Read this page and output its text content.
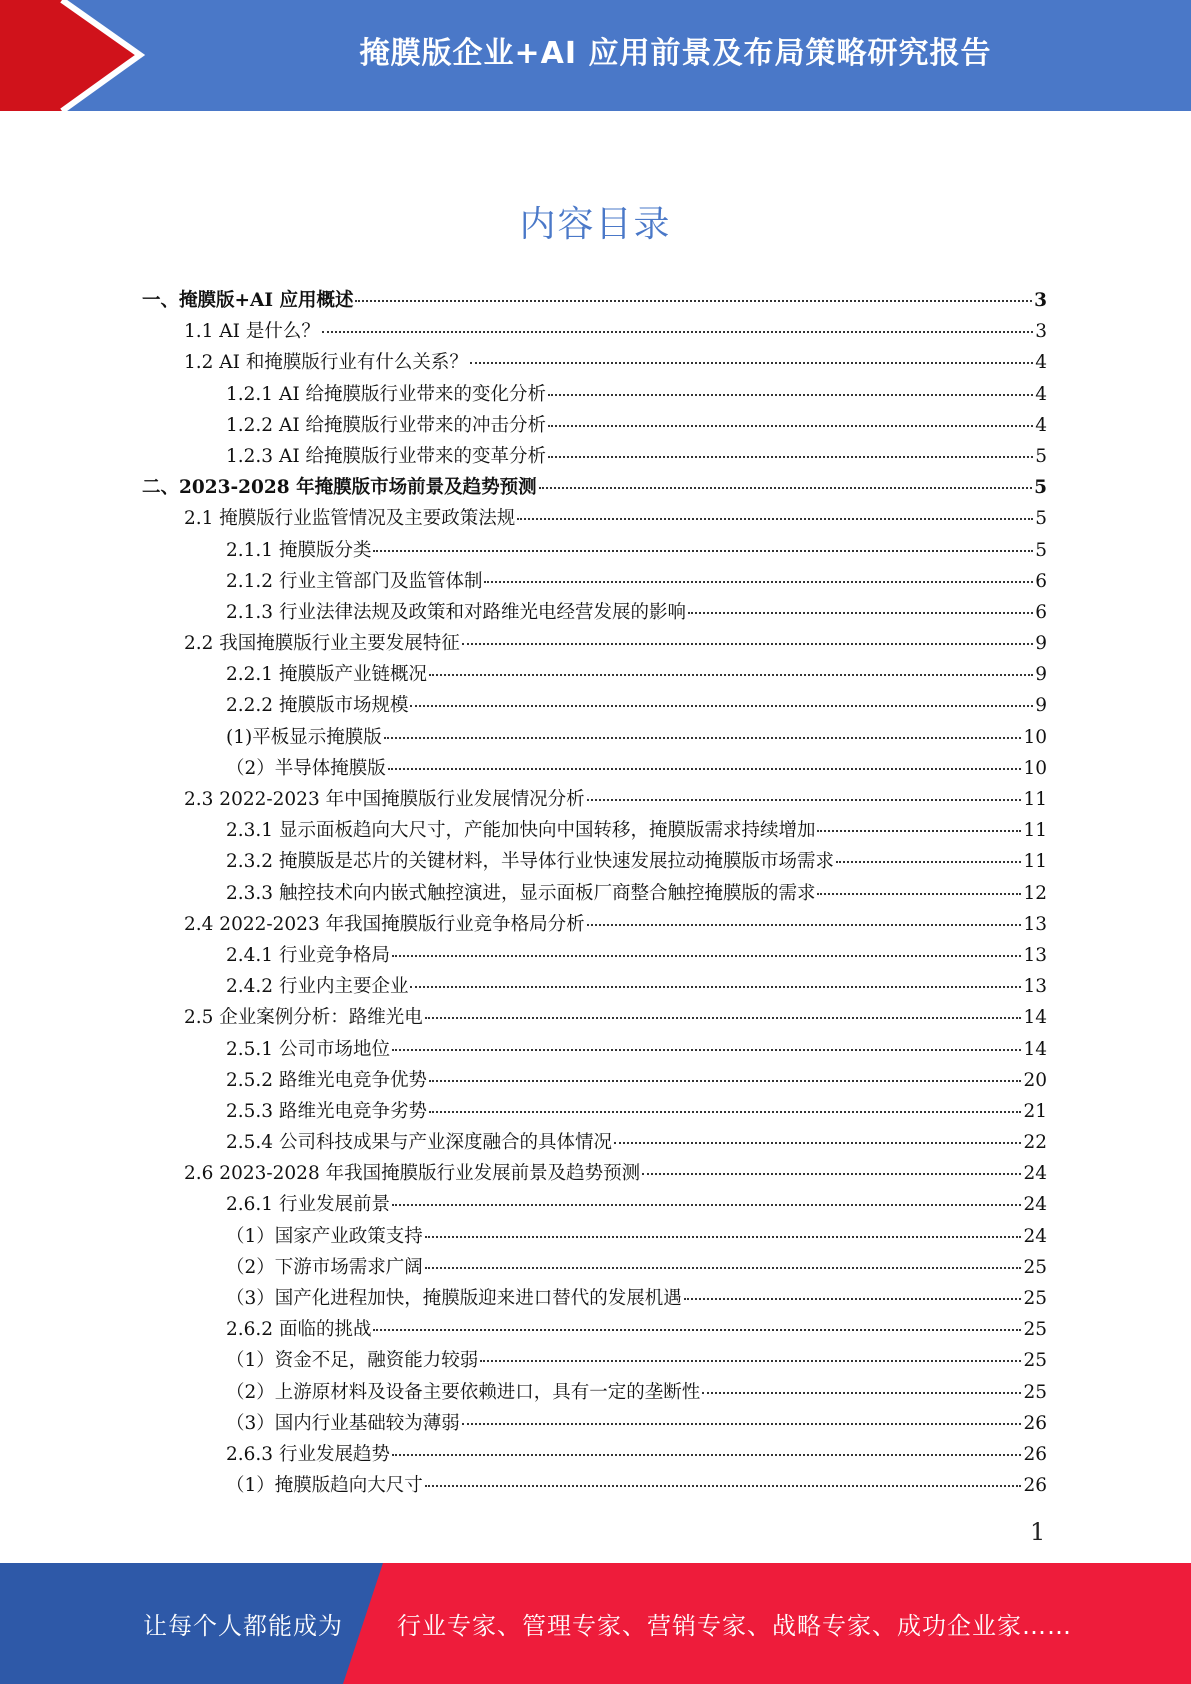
掩膜版企业+AI 应用前景及布局策略研究报告
内容目录
一、掩膜版+AI 应用概述	3
1.1 AI 是什么？	3
1.2 AI 和掩膜版行业有什么关系？	4
1.2.1 AI 给掩膜版行业带来的变化分析	4
1.2.2 AI 给掩膜版行业带来的冲击分析	4
1.2.3 AI 给掩膜版行业带来的变革分析	5
二、2023-2028 年掩膜版市场前景及趋势预测	5
2.1 掩膜版行业监管情况及主要政策法规	5
2.1.1 掩膜版分类	5
2.1.2 行业主管部门及监管体制	6
2.1.3 行业法律法规及政策和对路维光电经营发展的影响	6
2.2 我国掩膜版行业主要发展特征	9
2.2.1 掩膜版产业链概况	9
2.2.2 掩膜版市场规模	9
(1)平板显示掩膜版	10
（2）半导体掩膜版	10
2.3 2022-2023 年中国掩膜版行业发展情况分析	11
2.3.1 显示面板趋向大尺寸，产能加快向中国转移，掩膜版需求持续增加	11
2.3.2 掩膜版是芯片的关键材料，半导体行业快速发展拉动掩膜版市场需求	11
2.3.3 触控技术向内嵌式触控演进，显示面板厂商整合触控掩膜版的需求	12
2.4 2022-2023 年我国掩膜版行业竞争格局分析	13
2.4.1 行业竞争格局	13
2.4.2 行业内主要企业	13
2.5 企业案例分析：路维光电	14
2.5.1 公司市场地位	14
2.5.2 路维光电竞争优势	20
2.5.3 路维光电竞争劣势	21
2.5.4 公司科技成果与产业深度融合的具体情况	22
2.6 2023-2028 年我国掩膜版行业发展前景及趋势预测	24
2.6.1 行业发展前景	24
（1）国家产业政策支持	24
（2）下游市场需求广阔	25
（3）国产化进程加快，掩膜版迎来进口替代的发展机遇	25
2.6.2 面临的挑战	25
（1）资金不足，融资能力较弱	25
（2）上游原材料及设备主要依赖进口，具有一定的垄断性	25
（3）国内行业基础较为薄弱	26
2.6.3 行业发展趋势	26
（1）掩膜版趋向大尺寸	26
1
让每个人都能成为 行业专家、管理专家、营销专家、战略专家、成功企业家……
